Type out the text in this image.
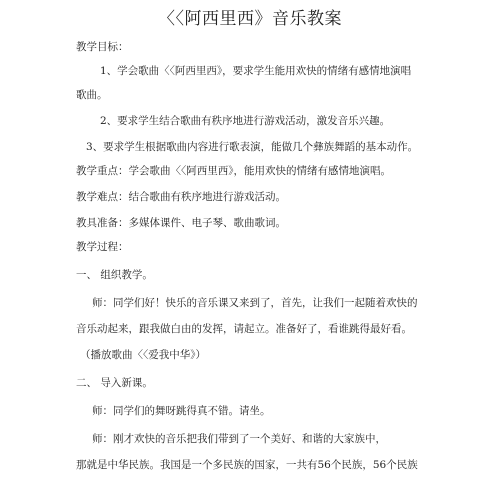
〈〈阿西里西》音乐教案
教学目标：
1、学会歌曲〈〈阿西里西》，要求学生能用欢快的情绪有感情地演唱
歌曲。
2、要求学生结合歌曲有秩序地进行游戏活动，激发音乐兴趣。
3、要求学生根据歌曲内容进行歌表演，能做几个彝族舞蹈的基本动作。
教学重点：学会歌曲〈〈阿西里西》，能用欢快的情绪有感情地演唱。
教学难点：结合歌曲有秩序地进行游戏活动。
教具准备：多媒体课件、电子琴、歌曲歌词。
教学过程：
一、 组织教学。
师：同学们好！快乐的音乐课又来到了，首先，让我们一起随着欢快的
音乐动起来，跟我做白由的发挥，请起立。准备好了，看谁跳得最好看。
（播放歌曲〈〈爱我中华》）
二、 导入新课。
师：同学们的舞呀跳得真不错。请坐。
师：刚才欢快的音乐把我们带到了一个美好、和谐的大家族中，
那就是中华民族。我国是一个多民族的国家，一共有56个民族，56个民族
